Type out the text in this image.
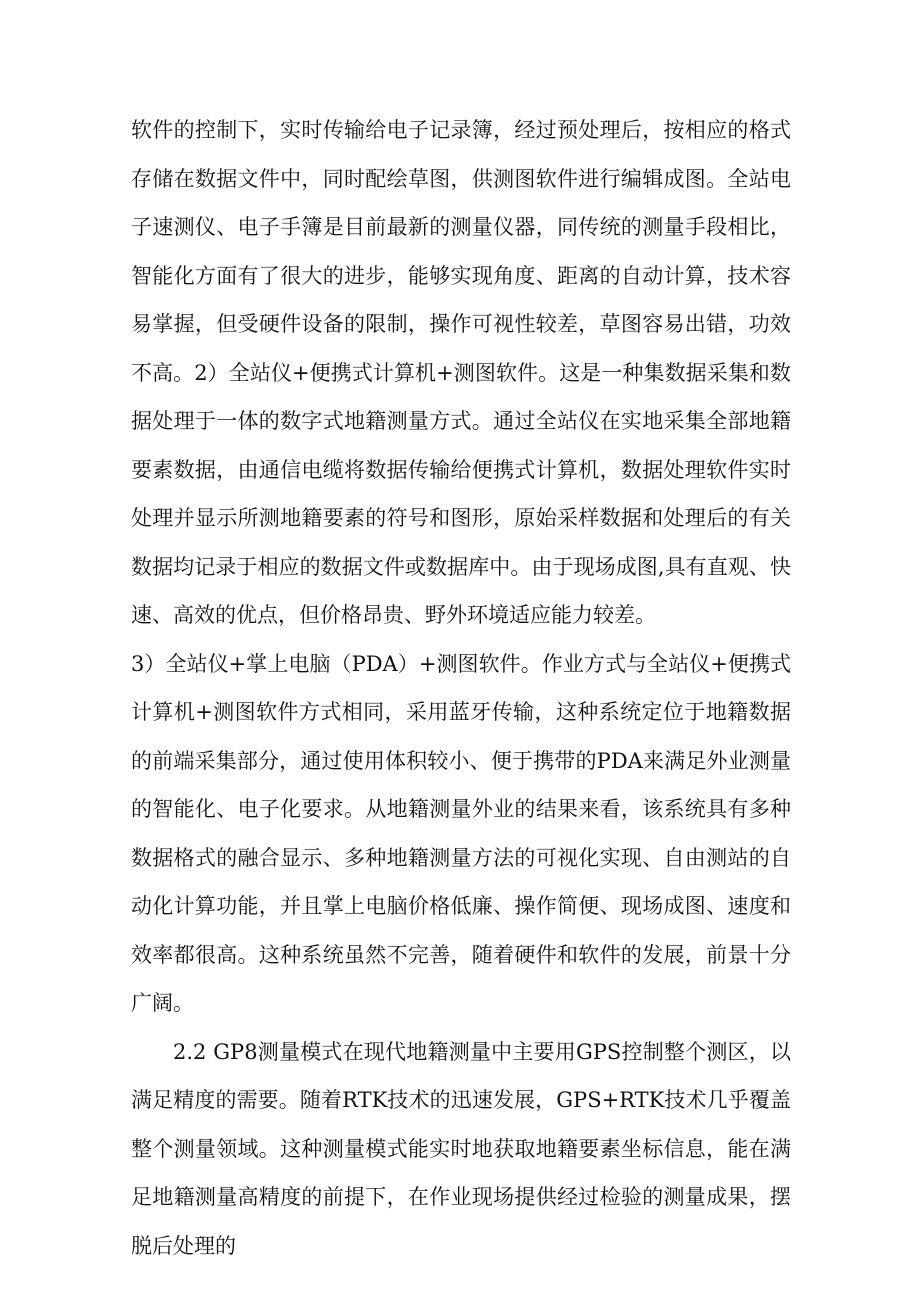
软件的控制下，实时传输给电子记录簿，经过预处理后，按相应的格式存储在数据文件中，同时配绘草图，供测图软件进行编辑成图。全站电子速测仪、电子手簿是目前最新的测量仪器，同传统的测量手段相比，智能化方面有了很大的进步，能够实现角度、距离的自动计算，技术容易掌握，但受硬件设备的限制，操作可视性较差，草图容易出错，功效不高。2）全站仪+便携式计算机+测图软件。这是一种集数据采集和数据处理于一体的数字式地籍测量方式。通过全站仪在实地采集全部地籍要素数据，由通信电缆将数据传输给便携式计算机，数据处理软件实时处理并显示所测地籍要素的符号和图形，原始采样数据和处理后的有关数据均记录于相应的数据文件或数据库中。由于现场成图,具有直观、快速、高效的优点，但价格昂贵、野外环境适应能力较差。

3）全站仪+掌上电脑（PDA）+测图软件。作业方式与全站仪+便携式计算机+测图软件方式相同，采用蓝牙传输，这种系统定位于地籍数据的前端采集部分，通过使用体积较小、便于携带的PDA来满足外业测量的智能化、电子化要求。从地籍测量外业的结果来看，该系统具有多种数据格式的融合显示、多种地籍测量方法的可视化实现、自由测站的自动化计算功能，并且掌上电脑价格低廉、操作简便、现场成图、速度和效率都很高。这种系统虽然不完善，随着硬件和软件的发展，前景十分广阔。

2.2 GP8测量模式在现代地籍测量中主要用GPS控制整个测区，以满足精度的需要。随着RTK技术的迅速发展，GPS+RTK技术几乎覆盖整个测量领域。这种测量模式能实时地获取地籍要素坐标信息，能在满足地籍测量高精度的前提下，在作业现场提供经过检验的测量成果，摆脱后处理的
